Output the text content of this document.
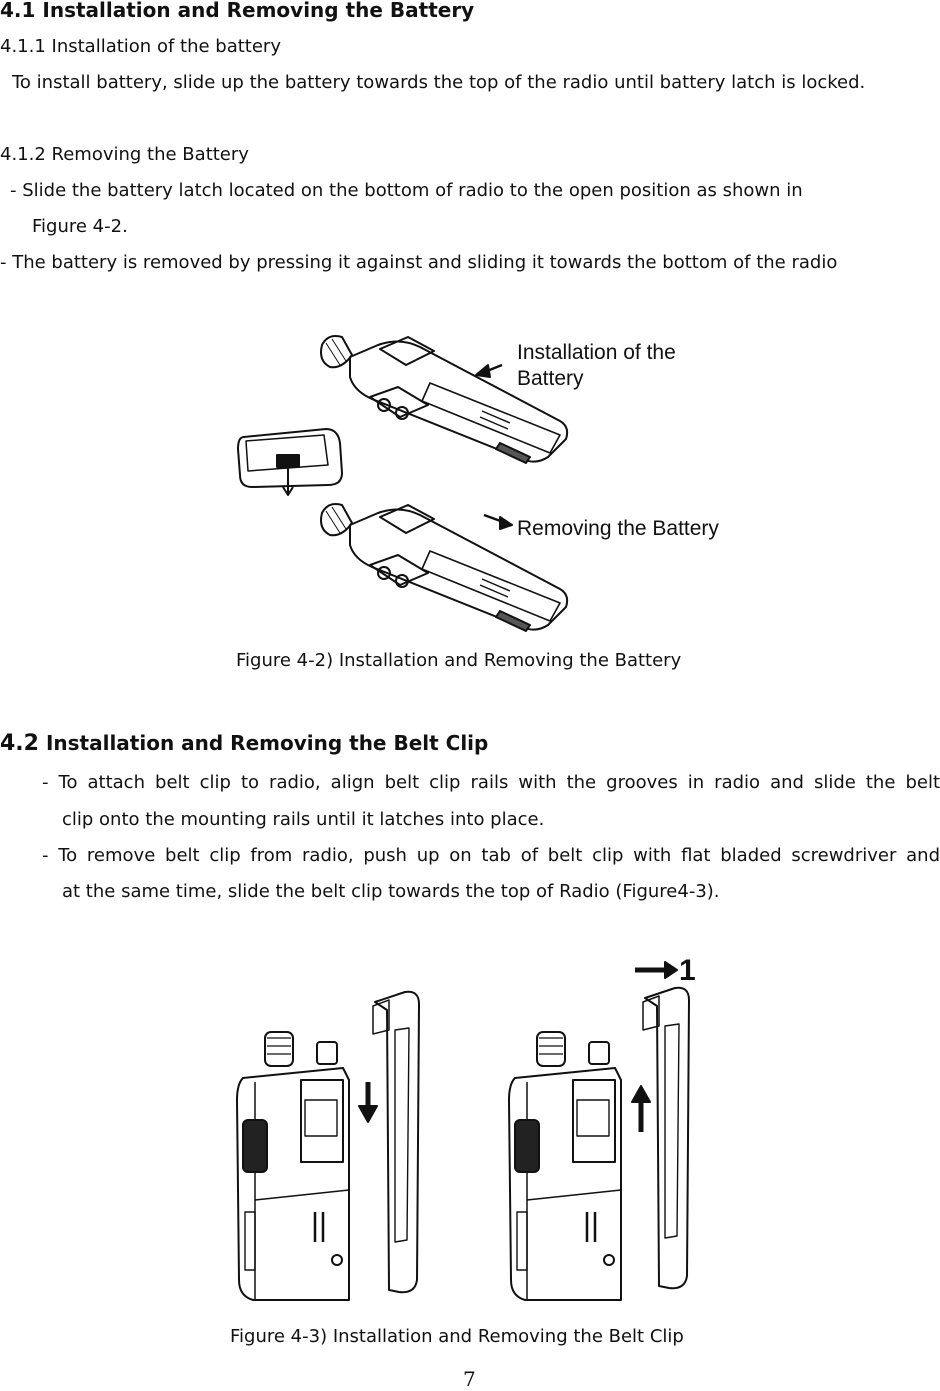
4.1 Installation and Removing the Battery

4.1.1 Installation of the battery

To install battery, slide up the battery towards the top of the radio until battery latch is locked.

4.1.2 Removing the Battery

- Slide the battery latch located on the bottom of radio to the open position as shown in

Figure 4-2.

- The battery is removed by pressing it against and sliding it towards the bottom of the radio

Installation of the
Battery
Removing the Battery

Figure 4-2) Installation and Removing the Battery

4.2 Installation and Removing the Belt Clip

- To attach belt clip to radio, align belt clip rails with the grooves in radio and slide the belt

clip onto the mounting rails until it latches into place.

- To remove belt clip from radio, push up on tab of belt clip with flat bladed screwdriver and

at the same time, slide the belt clip towards the top of Radio (Figure4-3).

1

Figure 4-3) Installation and Removing the Belt Clip

7
